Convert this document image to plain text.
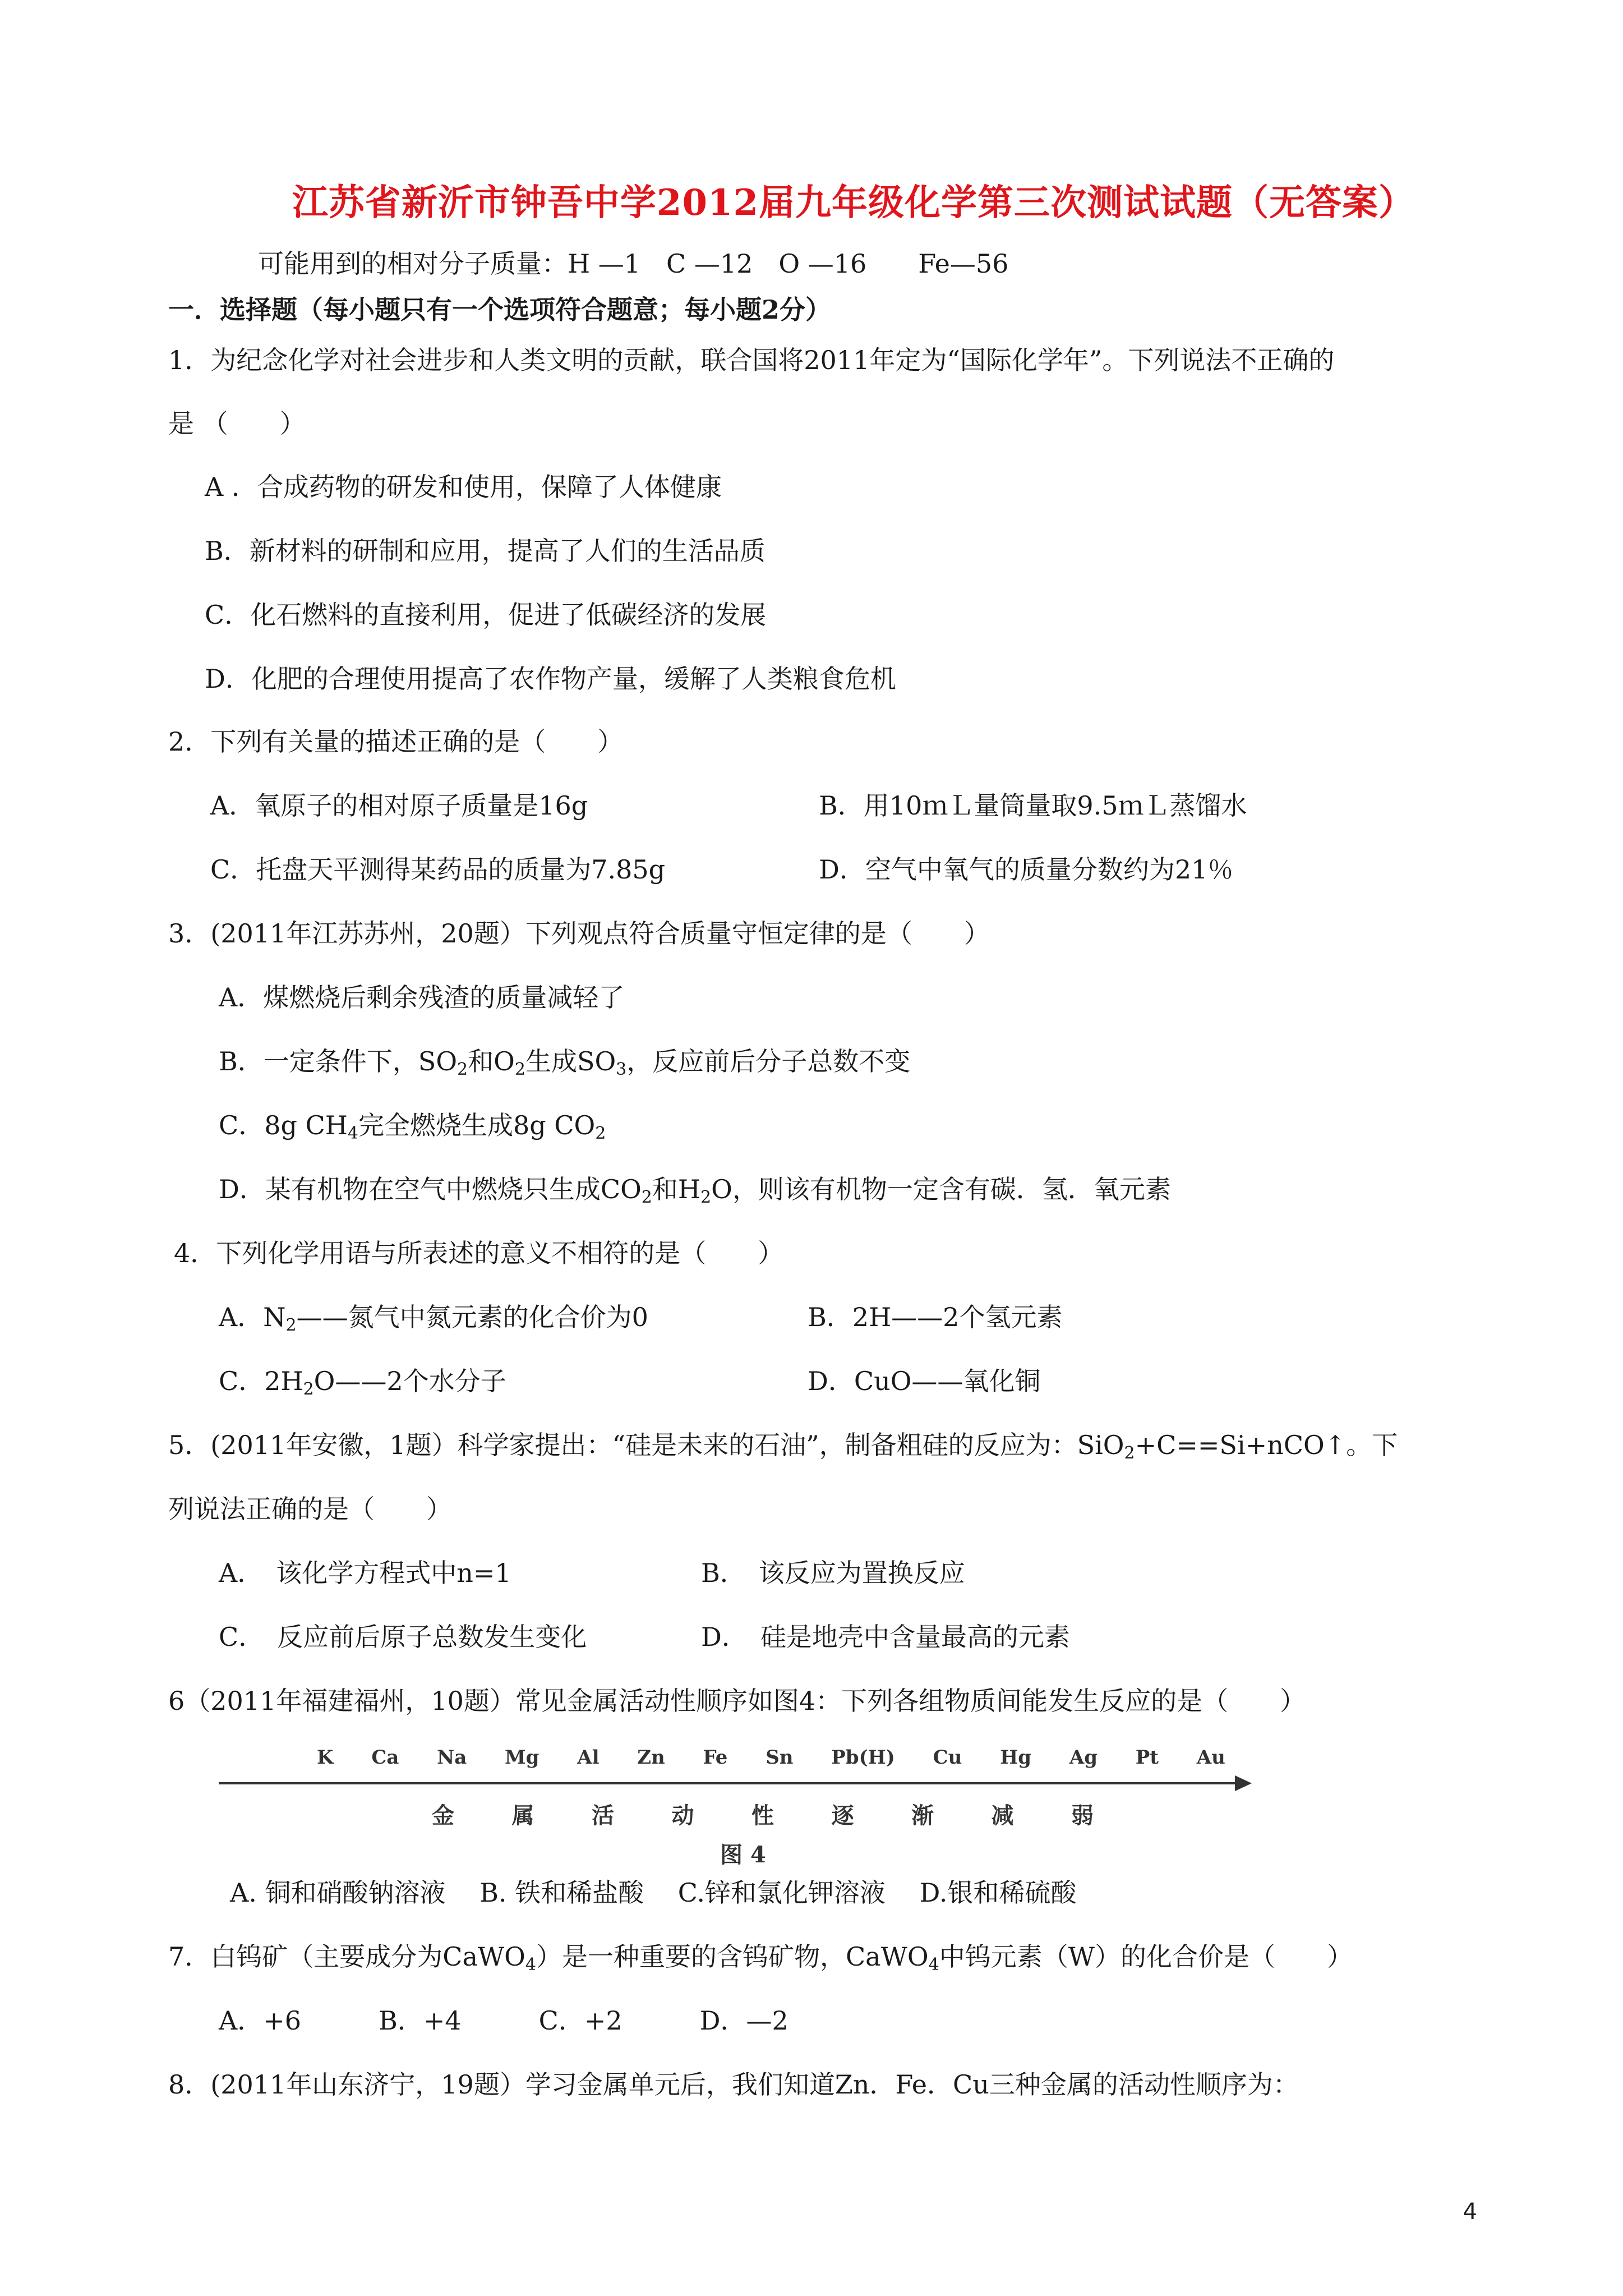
江苏省新沂市钟吾中学2012届九年级化学第三次测试试题（无答案）
可能用到的相对分子质量：H —1　C —12　O —16　　Fe—56
一．选择题（每小题只有一个选项符合题意；每小题2分）
1．为纪念化学对社会进步和人类文明的贡献，联合国将2011年定为“国际化学年”。下列说法不正确的
是 （　　）
A ．合成药物的研发和使用，保障了人体健康
B．新材料的研制和应用，提高了人们的生活品质
C．化石燃料的直接利用，促进了低碳经济的发展
D．化肥的合理使用提高了农作物产量，缓解了人类粮食危机
2．下列有关量的描述正确的是（　　）
A．氧原子的相对原子质量是16g	B．用10ｍＬ量筒量取9.5ｍＬ蒸馏水
C．托盘天平测得某药品的质量为7.85g	D．空气中氧气的质量分数约为21％
3．(2011年江苏苏州，20题）下列观点符合质量守恒定律的是（　　）
A．煤燃烧后剩余残渣的质量减轻了
B．一定条件下，$SO_2$和$O_2$生成$SO_3$，反应前后分子总数不变
C．8g $CH_4$完全燃烧生成8g $CO_2$
D．某有机物在空气中燃烧只生成$CO_2$和$H_2O$，则该有机物一定含有碳．氢．氧元素
4．下列化学用语与所表述的意义不相符的是（　　）
A．$N_2——$氮气中氮元素的化合价为0	B．2H——2个氢元素
C．$2H_2O——2$个水分子	D．CuO——氧化铜
5．(2011年安徽，1题）科学家提出：“硅是未来的石油”，制备粗硅的反应为：SiO$_2$+C==Si+nCO↑。下
列说法正确的是（　　）
A．　该化学方程式中n=1	B．　该反应为置换反应
C．　反应前后原子总数发生变化	D．　硅是地壳中含量最高的元素
6（2011年福建福州，10题）常见金属活动性顺序如图4：下列各组物质间能发生反应的是（　　）
K Ca Na Mg Al Zn Fe Sn Pb(H) Cu Hg Ag Pt Au
金	属	活	动	性	逐	渐	减	弱
图 4
A. 铜和硝酸钠溶液　 B. 铁和稀盐酸　 C.锌和氯化钾溶液　 D.银和稀硫酸
7．白钨矿（主要成分为CaWO$_4$）是一种重要的含钨矿物，CaWO$_4$中钨元素（W）的化合价是（　　）
A．+6　　　B．+4　　　C．+2　　　D．—2
8．(2011年山东济宁，19题）学习金属单元后，我们知道Zn．Fe．Cu三种金属的活动性顺序为：
4
